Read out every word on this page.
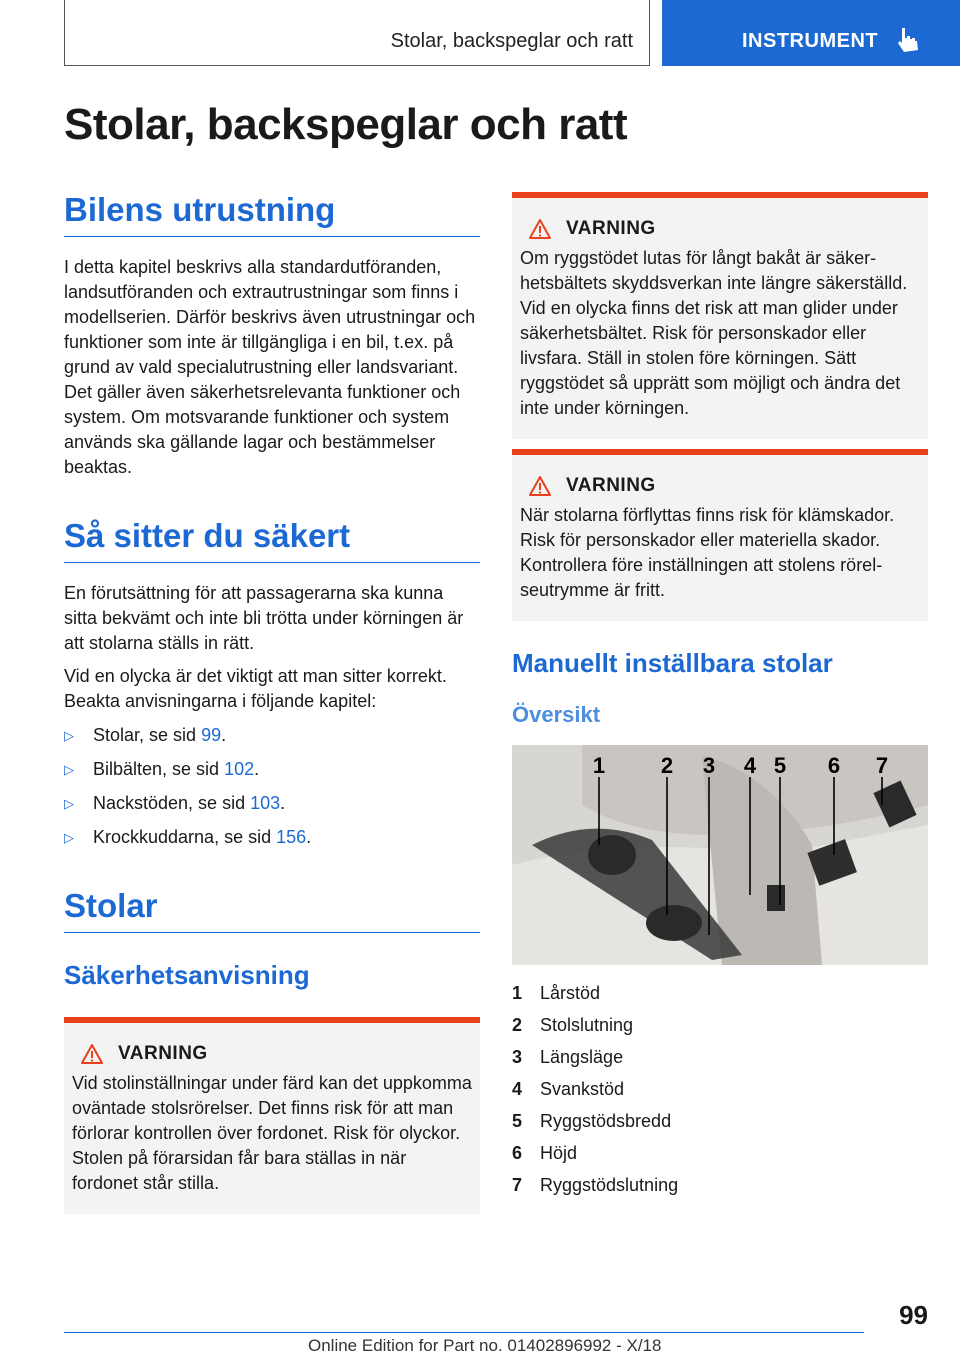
Stolar, backspeglar och ratt	INSTRUMENT
Stolar, backspeglar och ratt
Bilens utrustning

I detta kapitel beskrivs alla standardutföranden, landsutföranden och extrautrustningar som finns i modellserien. Därför beskrivs även utrustningar och funktioner som inte är tillgängliga i en bil, t.ex. på grund av vald specialutrustning eller landsvariant. Det gäller även säkerhetsrelevanta funktioner och system. Om motsvarande funktioner och system används ska gällande lagar och bestämmelser beaktas.

Så sitter du säkert

En förutsättning för att passagerarna ska kunna sitta bekvämt och inte bli trötta under körningen är att stolarna ställs in rätt.

Vid en olycka är det viktigt att man sitter korrekt. Beakta anvisningarna i följande kapitel:

▷ Stolar, se sid 99.
▷ Bilbälten, se sid 102.
▷ Nackstöden, se sid 103.
▷ Krockkuddarna, se sid 156.
Stolar
Säkerhetsanvisning
VARNING

Vid stolinställningar under färd kan det uppkomma oväntade stolsrörelser. Det finns risk för att man förlorar kontrollen över fordonet. Risk för olyckor. Stolen på förarsidan får bara ställas in när fordonet står stilla.

VARNING

Om ryggstödet lutas för långt bakåt är säkerhetsbältets skyddsverkan inte längre säkerställd. Vid en olycka finns det risk att man glider under säkerhetsbältet. Risk för personskador eller livsfara. Ställ in stolen före körningen. Sätt ryggstödet så upprätt som möjligt och ändra det inte under körningen.

VARNING

När stolarna förflyttas finns risk för klämskador. Risk för personskador eller materiella skador. Kontrollera före inställningen att stolens rörelseutrymme är fritt.

Manuellt inställbara stolar
Översikt
1	2 3 4 5 6 7
1 Lårstöd
2 Stolslutning
3 Längsläge
4 Svankstöd
5 Ryggstödsbredd
6 Höjd
7 Ryggstödslutning
99
Online Edition for Part no. 01402896992 - X/18
